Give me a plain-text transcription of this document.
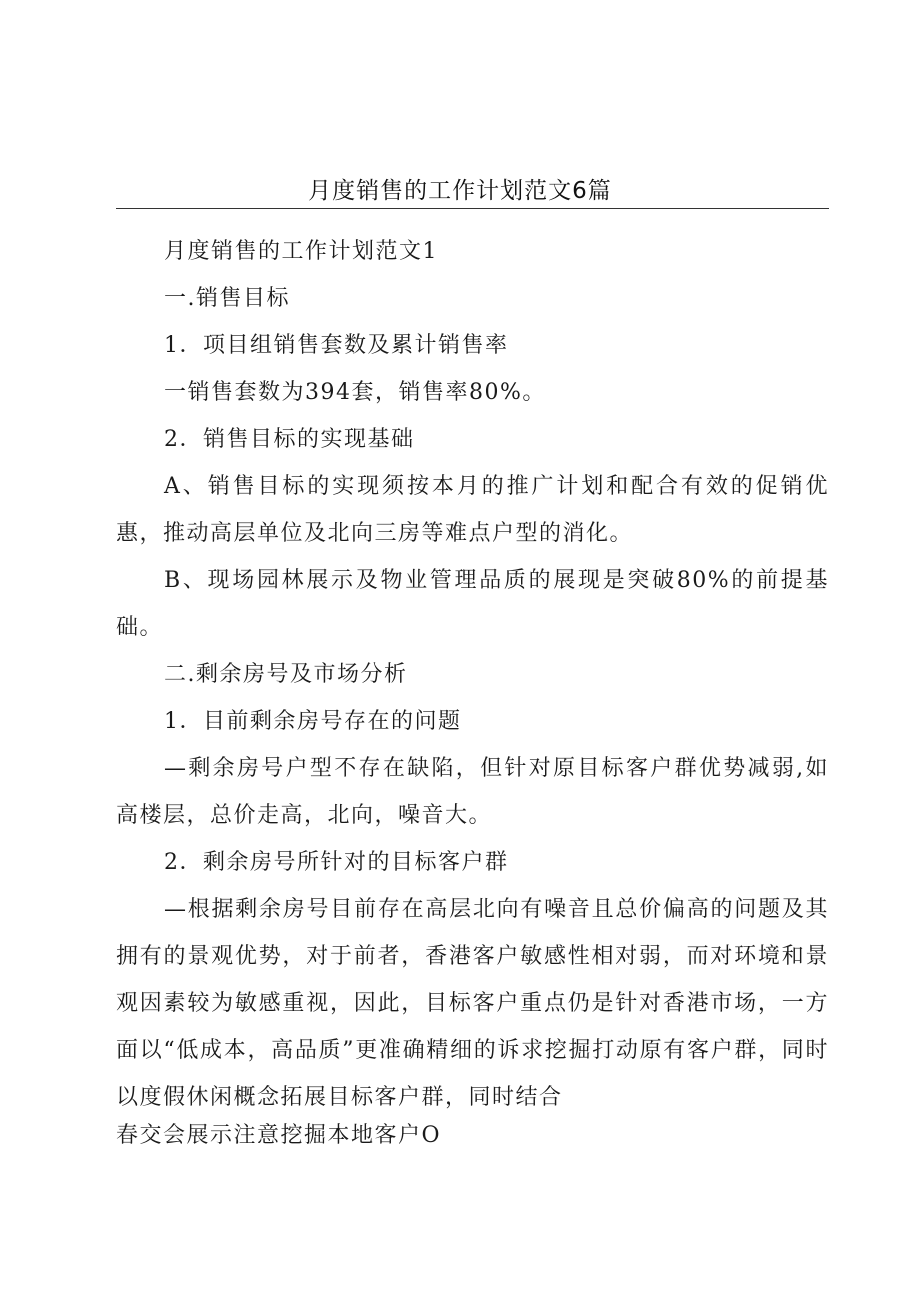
月度销售的工作计划范文6篇

月度销售的工作计划范文1

一.销售目标

1．项目组销售套数及累计销售率

一销售套数为394套，销售率80%。

2．销售目标的实现基础

A、销售目标的实现须按本月的推广计划和配合有效的促销优惠，推动高层单位及北向三房等难点户型的消化。

B、现场园林展示及物业管理品质的展现是突破80%的前提基础。

二.剩余房号及市场分析

1．目前剩余房号存在的问题

—剩余房号户型不存在缺陷，但针对原目标客户群优势减弱,如高楼层，总价走高，北向，噪音大。

2．剩余房号所针对的目标客户群

—根据剩余房号目前存在高层北向有噪音且总价偏高的问题及其拥有的景观优势，对于前者，香港客户敏感性相对弱，而对环境和景观因素较为敏感重视，因此，目标客户重点仍是针对香港市场，一方面以“低成本，高品质”更准确精细的诉求挖掘打动原有客户群，同时以度假休闲概念拓展目标客户群，同时结合

春交会展示注意挖掘本地客户O
